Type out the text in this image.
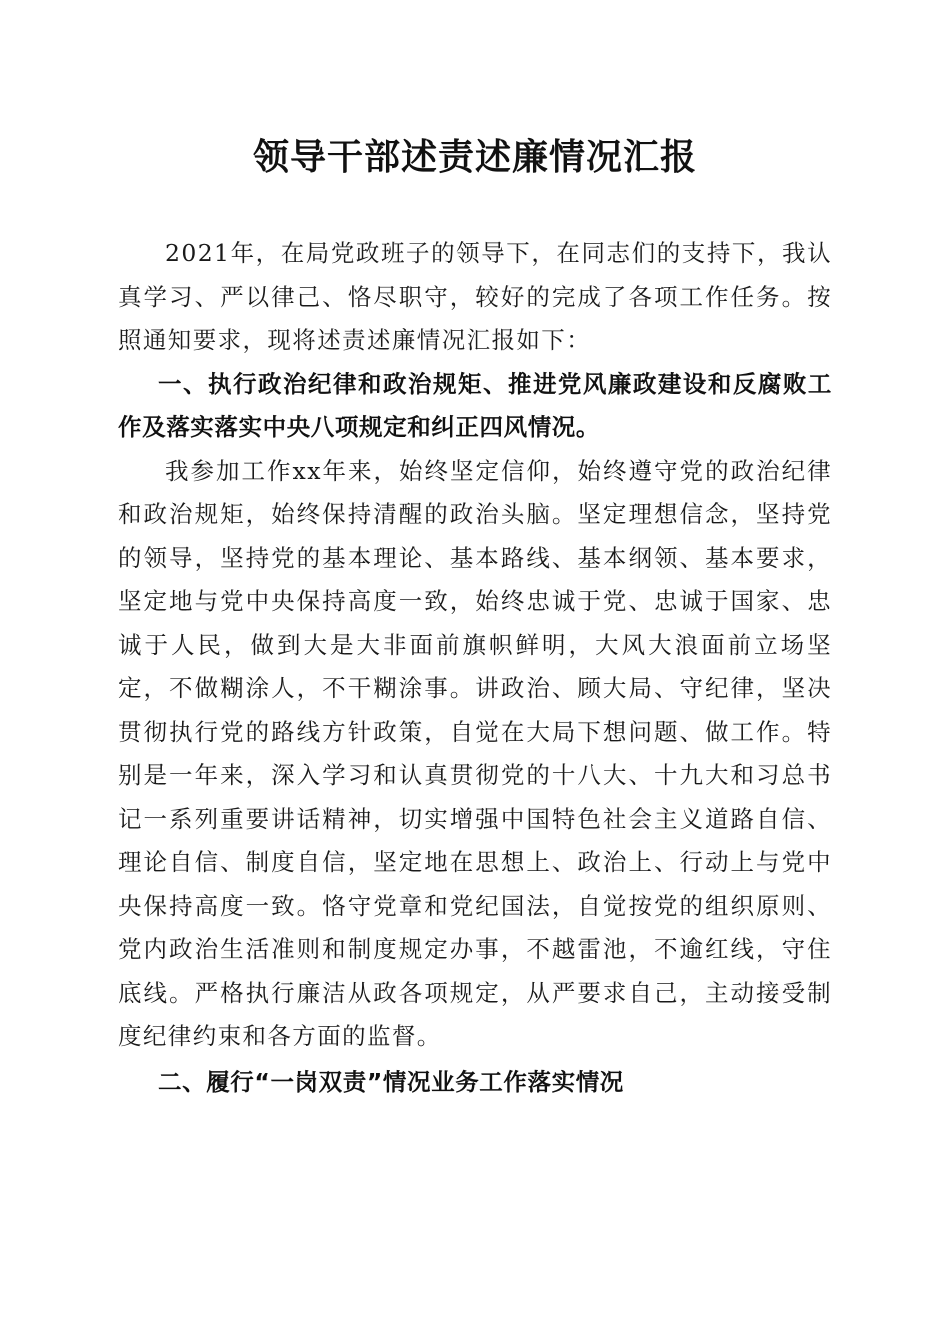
领导干部述责述廉情况汇报

2021年，在局党政班子的领导下，在同志们的支持下，我认真学习、严以律己、恪尽职守，较好的完成了各项工作任务。按照通知要求，现将述责述廉情况汇报如下：

一、执行政治纪律和政治规矩、推进党风廉政建设和反腐败工作及落实落实中央八项规定和纠正四风情况。

我参加工作xx年来，始终坚定信仰，始终遵守党的政治纪律和政治规矩，始终保持清醒的政治头脑。坚定理想信念，坚持党的领导，坚持党的基本理论、基本路线、基本纲领、基本要求，坚定地与党中央保持高度一致，始终忠诚于党、忠诚于国家、忠诚于人民，做到大是大非面前旗帜鲜明，大风大浪面前立场坚定，不做糊涂人，不干糊涂事。讲政治、顾大局、守纪律，坚决贯彻执行党的路线方针政策，自觉在大局下想问题、做工作。特别是一年来，深入学习和认真贯彻党的十八大、十九大和习总书记一系列重要讲话精神，切实增强中国特色社会主义道路自信、理论自信、制度自信，坚定地在思想上、政治上、行动上与党中央保持高度一致。恪守党章和党纪国法，自觉按党的组织原则、党内政治生活准则和制度规定办事，不越雷池，不逾红线，守住底线。严格执行廉洁从政各项规定，从严要求自己，主动接受制度纪律约束和各方面的监督。

二、履行“一岗双责”情况业务工作落实情况
